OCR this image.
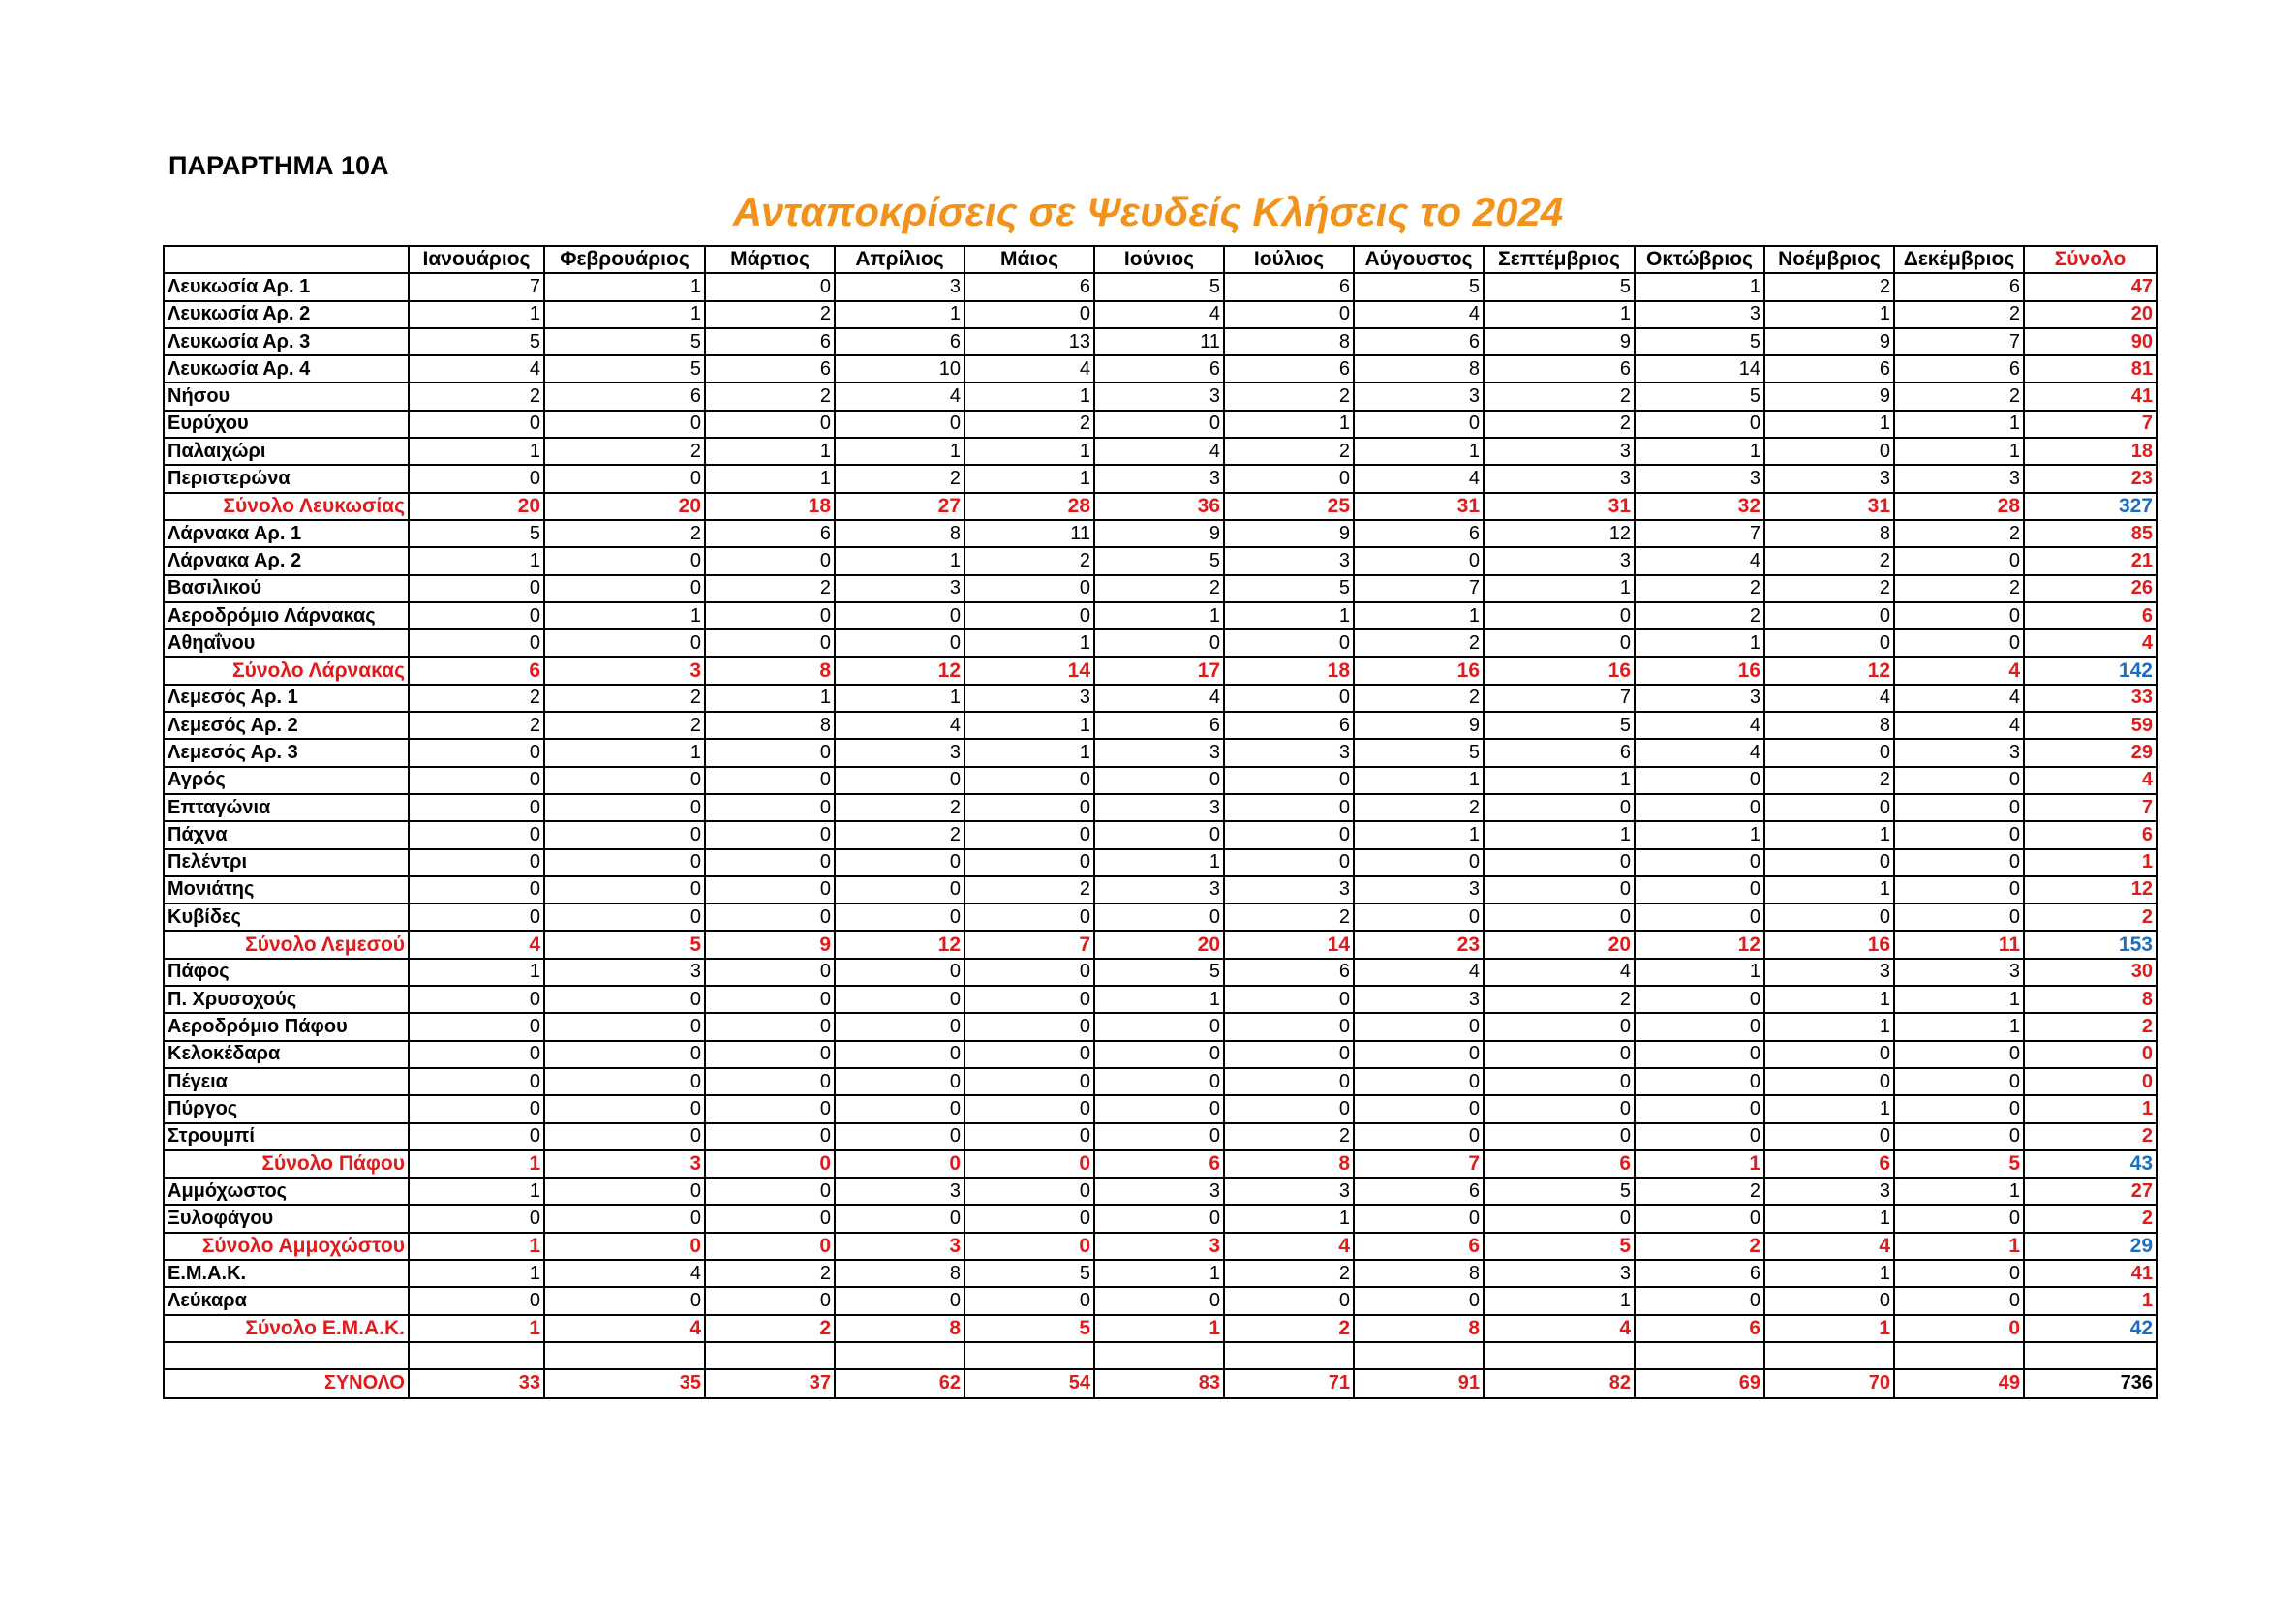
ΠΑΡΑΡΤΗΜΑ 10Α
Ανταποκρίσεις σε Ψευδείς Κλήσεις το 2024
	Ιανουάριος	Φεβρουάριος	Μάρτιος	Απρίλιος	Μάιος	Ιούνιος	Ιούλιος	Αύγουστος	Σεπτέμβριος	Οκτώβριος	Νοέμβριος	Δεκέμβριος	Σύνολο
Λευκωσία Αρ. 1	7	1	0	3	6	5	6	5	5	1	2	6	47
Λευκωσία Αρ. 2	1	1	2	1	0	4	0	4	1	3	1	2	20
Λευκωσία Αρ. 3	5	5	6	6	13	11	8	6	9	5	9	7	90
Λευκωσία Αρ. 4	4	5	6	10	4	6	6	8	6	14	6	6	81
Νήσου	2	6	2	4	1	3	2	3	2	5	9	2	41
Ευρύχου	0	0	0	0	2	0	1	0	2	0	1	1	7
Παλαιχώρι	1	2	1	1	1	4	2	1	3	1	0	1	18
Περιστερώνα	0	0	1	2	1	3	0	4	3	3	3	3	23
Σύνολο Λευκωσίας	20	20	18	27	28	36	25	31	31	32	31	28	327
Λάρνακα Αρ. 1	5	2	6	8	11	9	9	6	12	7	8	2	85
Λάρνακα Αρ. 2	1	0	0	1	2	5	3	0	3	4	2	0	21
Βασιλικού	0	0	2	3	0	2	5	7	1	2	2	2	26
Αεροδρόμιο Λάρνακας	0	1	0	0	0	1	1	1	0	2	0	0	6
Αθηαΐνου	0	0	0	0	1	0	0	2	0	1	0	0	4
Σύνολο Λάρνακας	6	3	8	12	14	17	18	16	16	16	12	4	142
Λεμεσός Αρ. 1	2	2	1	1	3	4	0	2	7	3	4	4	33
Λεμεσός Αρ. 2	2	2	8	4	1	6	6	9	5	4	8	4	59
Λεμεσός Αρ. 3	0	1	0	3	1	3	3	5	6	4	0	3	29
Αγρός	0	0	0	0	0	0	0	1	1	0	2	0	4
Επταγώνια	0	0	0	2	0	3	0	2	0	0	0	0	7
Πάχνα	0	0	0	2	0	0	0	1	1	1	1	0	6
Πελέντρι	0	0	0	0	0	1	0	0	0	0	0	0	1
Μονιάτης	0	0	0	0	2	3	3	3	0	0	1	0	12
Κυβίδες	0	0	0	0	0	0	2	0	0	0	0	0	2
Σύνολο Λεμεσού	4	5	9	12	7	20	14	23	20	12	16	11	153
Πάφος	1	3	0	0	0	5	6	4	4	1	3	3	30
Π. Χρυσοχούς	0	0	0	0	0	1	0	3	2	0	1	1	8
Αεροδρόμιο Πάφου	0	0	0	0	0	0	0	0	0	0	1	1	2
Κελοκέδαρα	0	0	0	0	0	0	0	0	0	0	0	0	0
Πέγεια	0	0	0	0	0	0	0	0	0	0	0	0	0
Πύργος	0	0	0	0	0	0	0	0	0	0	1	0	1
Στρουμπί	0	0	0	0	0	0	2	0	0	0	0	0	2
Σύνολο Πάφου	1	3	0	0	0	6	8	7	6	1	6	5	43
Αμμόχωστος	1	0	0	3	0	3	3	6	5	2	3	1	27
Ξυλοφάγου	0	0	0	0	0	0	1	0	0	0	1	0	2
Σύνολο Αμμοχώστου	1	0	0	3	0	3	4	6	5	2	4	1	29
Ε.Μ.Α.Κ.	1	4	2	8	5	1	2	8	3	6	1	0	41
Λεύκαρα	0	0	0	0	0	0	0	0	1	0	0	0	1
Σύνολο Ε.Μ.Α.Κ.	1	4	2	8	5	1	2	8	4	6	1	0	42

ΣΥΝΟΛΟ	33	35	37	62	54	83	71	91	82	69	70	49	736
